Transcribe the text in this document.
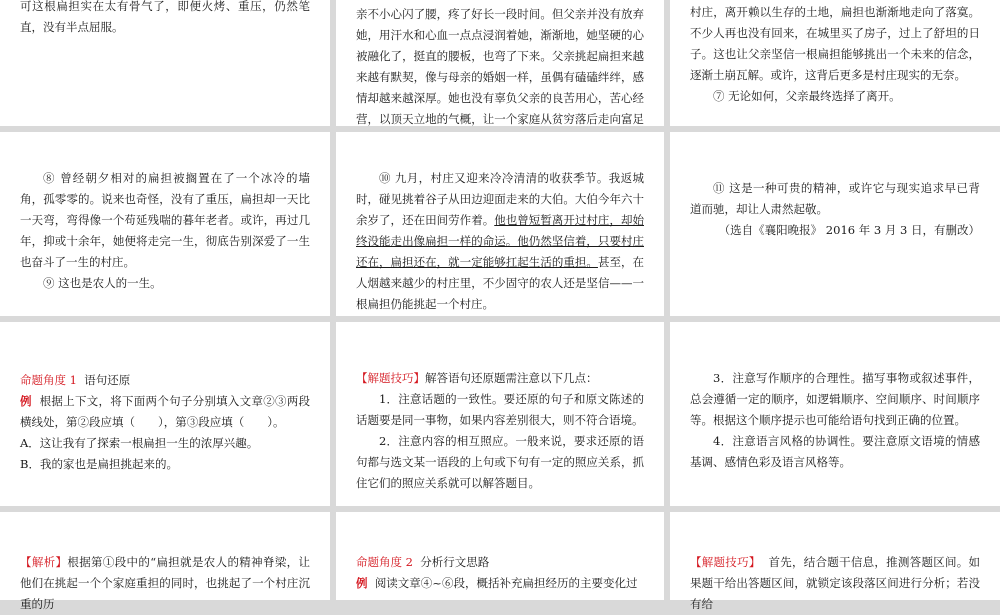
可这根扁担实在太有骨气了，即便火烤、重压，仍然笔直，没有半点屈服。

亲不小心闪了腰，疼了好长一段时间。但父亲并没有放弃她，用汗水和心血一点点浸润着她，渐渐地，她坚硬的心被融化了，挺直的腰板，也弯了下来。父亲挑起扁担来越来越有默契，像与母亲的婚姻一样，虽偶有磕磕绊绊，感情却越来越深厚。她也没有辜负父亲的良苦用心，苦心经营，以顶天立地的气概，让一个家庭从贫穷落后走向富足

村庄，离开赖以生存的土地，扁担也渐渐地走向了落寞。不少人再也没有回来，在城里买了房子，过上了舒坦的日子。这也让父亲坚信一根扁担能够挑出一个未来的信念，逐渐土崩瓦解。或许，这背后更多是村庄现实的无奈。

⑦ 无论如何，父亲最终选择了离开。

⑧ 曾经朝夕相对的扁担被搁置在了一个冰冷的墙角，孤零零的。说来也奇怪，没有了重压，扁担却一天比一天弯，弯得像一个苟延残喘的暮年老者。或许，再过几年，抑或十余年，她便将走完一生，彻底告别深爱了一生也奋斗了一生的村庄。

⑨ 这也是农人的一生。

⑩ 九月，村庄又迎来冷冷清清的收获季节。我返城时，碰见挑着谷子从田边迎面走来的大伯。大伯今年六十余岁了，还在田间劳作着。他也曾短暂离开过村庄，却始终没能走出像扁担一样的命运。他仍然坚信着，只要村庄还在，扁担还在，就一定能够扛起生活的重担。甚至，在人烟越来越少的村庄里，不少固守的农人还是坚信——一根扁担仍能挑起一个村庄。

⑪ 这是一种可贵的精神，或许它与现实追求早已背道而驰，却让人肃然起敬。

（选自《襄阳晚报》 2016 年 3 月 3 日，有删改）

命题角度 1 语句还原

例 根据上下文，将下面两个句子分别填入文章②③两段横线处，第②段应填（　　），第③段应填（　　）。

A．这让我有了探索一根扁担一生的浓厚兴趣。

B．我的家也是扁担挑起来的。

【解题技巧】解答语句还原题需注意以下几点：

1．注意话题的一致性。要还原的句子和原文陈述的话题要是同一事物，如果内容差别很大，则不符合语境。

2．注意内容的相互照应。一般来说，要求还原的语句都与选文某一语段的上句或下句有一定的照应关系，抓住它们的照应关系就可以解答题目。

3．注意写作顺序的合理性。描写事物或叙述事件，总会遵循一定的顺序，如逻辑顺序、空间顺序、时间顺序等。根据这个顺序提示也可能给语句找到正确的位置。

4．注意语言风格的协调性。要注意原文语境的情感基调、感情色彩及语言风格等。

【解析】根据第①段中的“扁担就是农人的精神脊梁，让他们在挑起一个个家庭重担的同时，也挑起了一个村庄沉重的历

命题角度 2 分析行文思路

例 阅读文章④~⑥段，概括补充扁担经历的主要变化过

【解题技巧】 首先，结合题干信息，推测答题区间。如果题干给出答题区间，就锁定该段落区间进行分析；若没有给
